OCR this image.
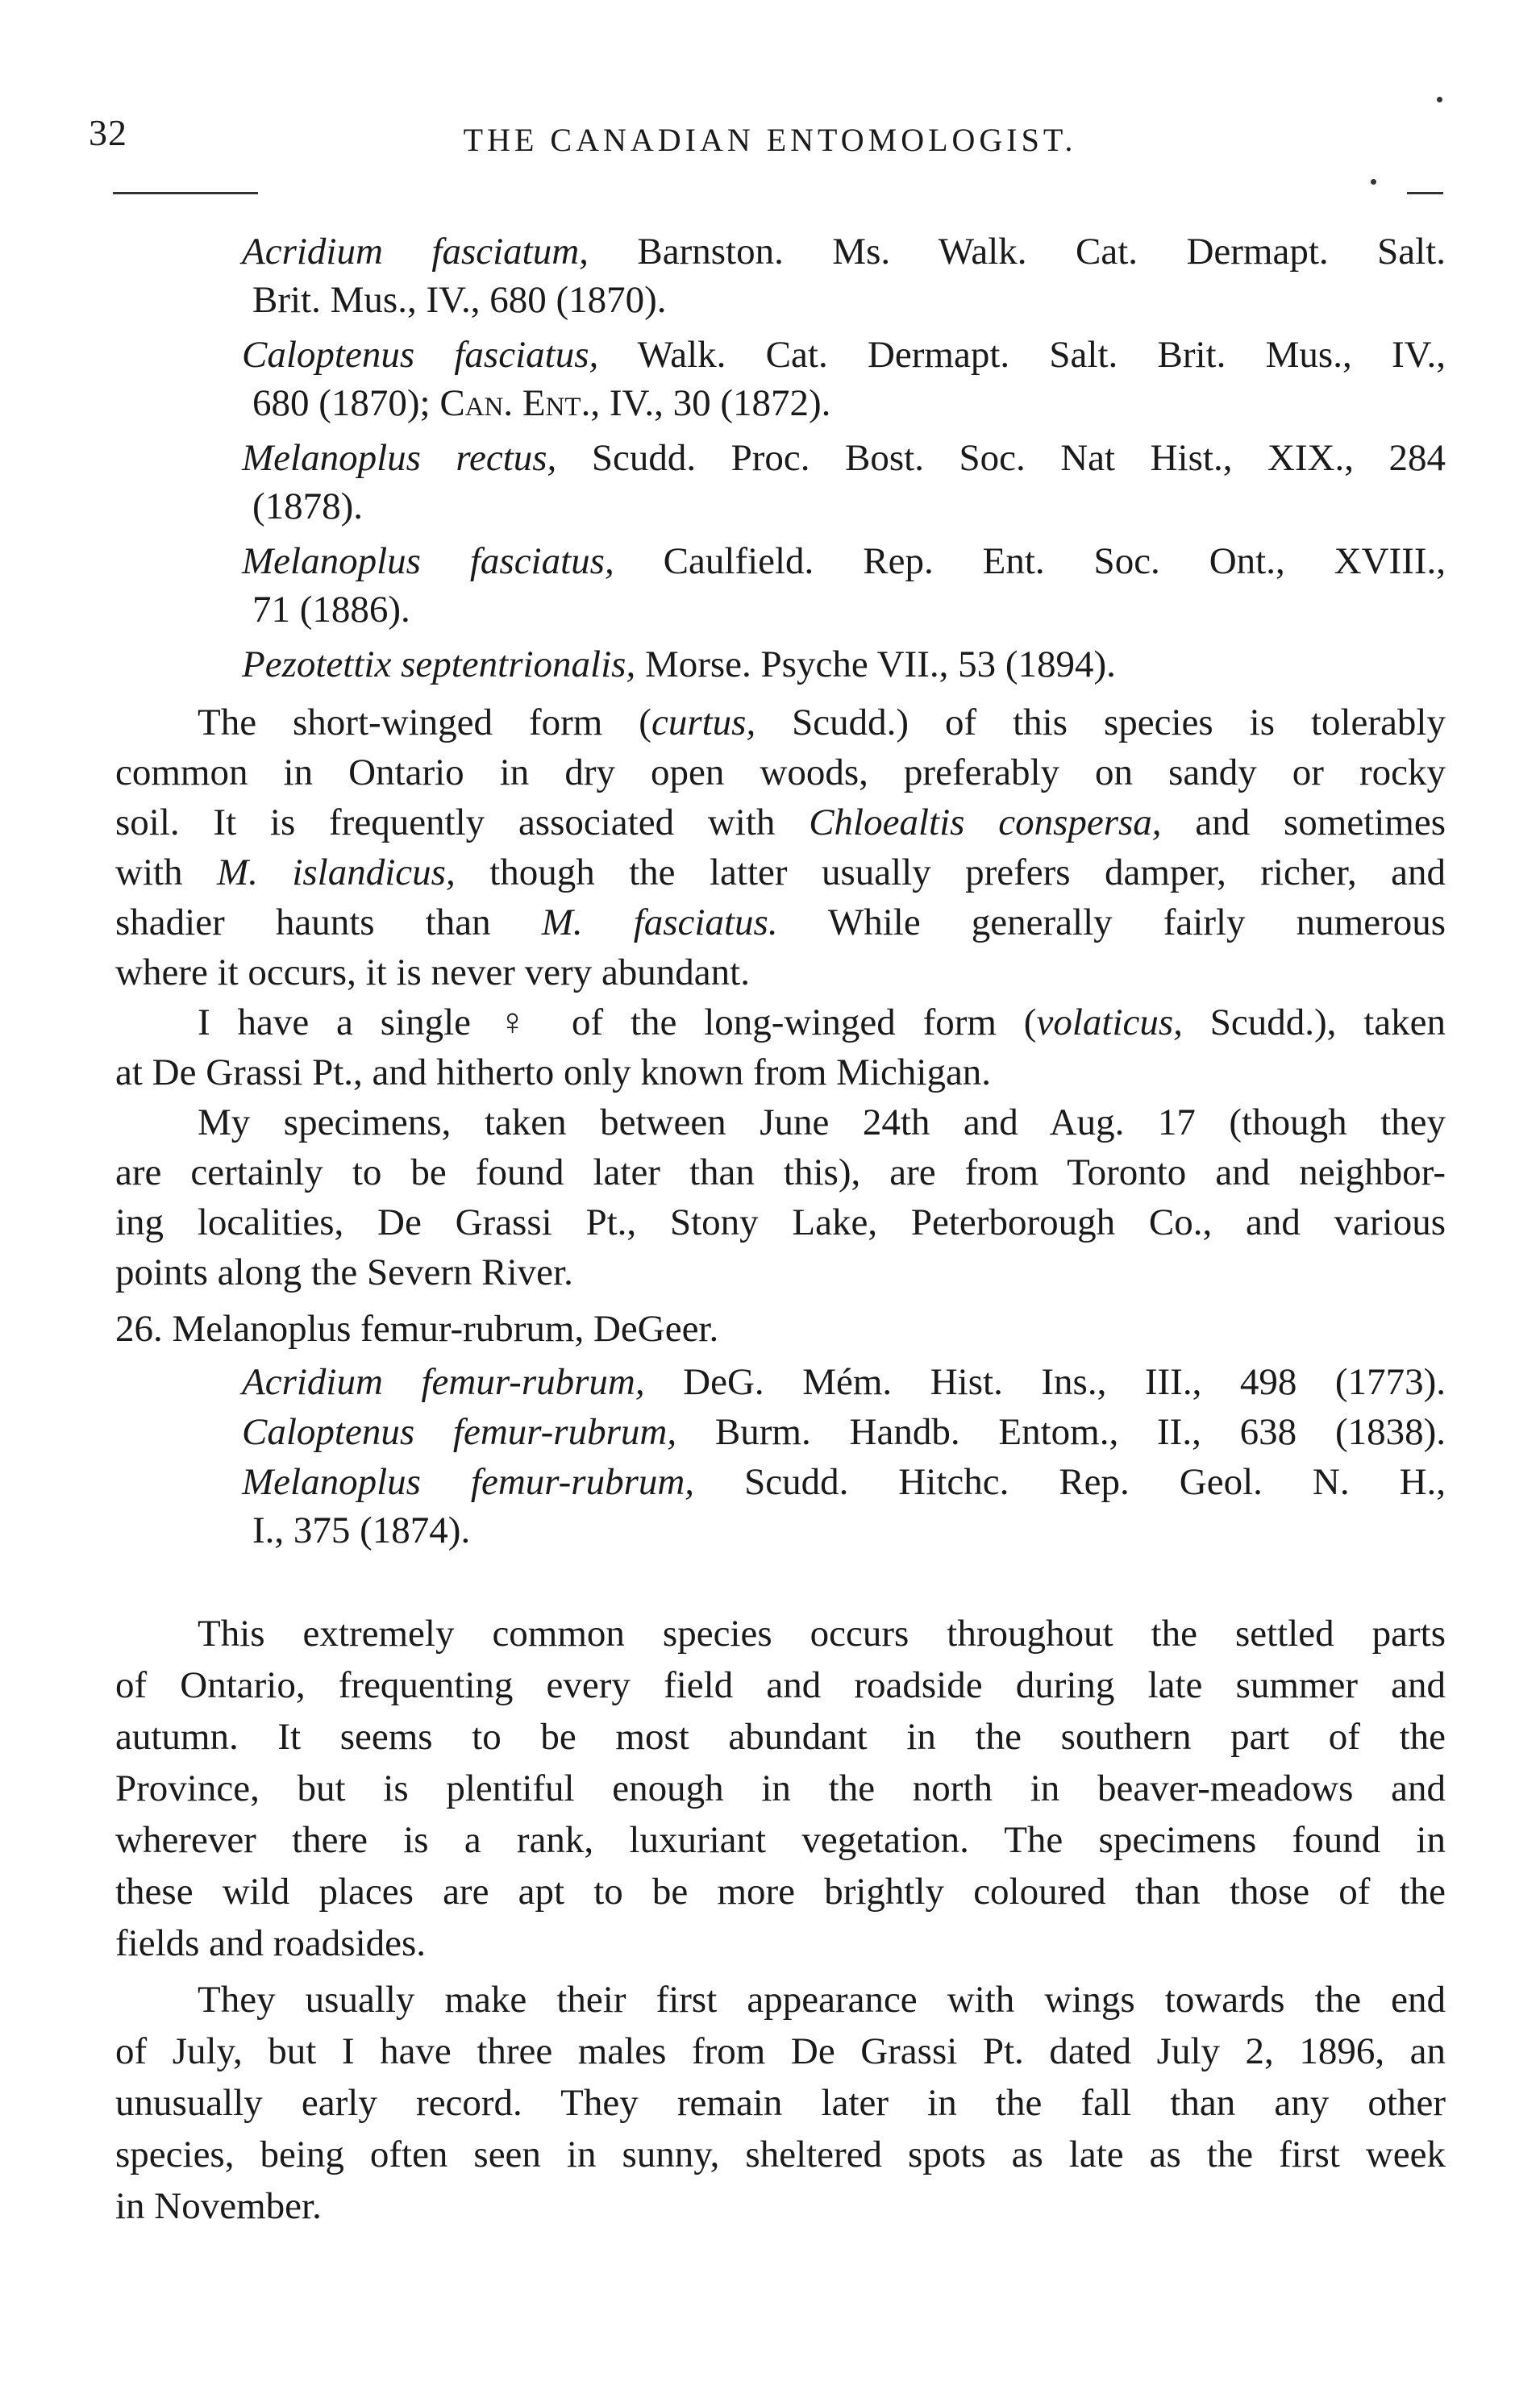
32	THE CANADIAN ENTOMOLOGIST.
Acridium fasciatum, Barnston. Ms. Walk. Cat. Dermapt. Salt.
Brit. Mus., IV., 680 (1870).
Caloptenus fasciatus, Walk. Cat. Dermapt. Salt. Brit. Mus., IV.,
680 (1870); Can. Ent., IV., 30 (1872).
Melanoplus rectus, Scudd. Proc. Bost. Soc. Nat Hist., XIX., 284
(1878).
Melanoplus fasciatus, Caulfield. Rep. Ent. Soc. Ont., XVIII.,
71 (1886).
Pezotettix septentrionalis, Morse. Psyche VII., 53 (1894).
The short-winged form (curtus, Scudd.) of this species is tolerably
common in Ontario in dry open woods, preferably on sandy or rocky
soil. It is frequently associated with Chloealtis conspersa, and sometimes
with M. islandicus, though the latter usually prefers damper, richer, and
shadier haunts than M. fasciatus. While generally fairly numerous
where it occurs, it is never very abundant.
I have a single ♀ of the long-winged form (volaticus, Scudd.), taken
at De Grassi Pt., and hitherto only known from Michigan.
My specimens, taken between June 24th and Aug. 17 (though they
are certainly to be found later than this), are from Toronto and neighbor-
ing localities, De Grassi Pt., Stony Lake, Peterborough Co., and various
points along the Severn River.
26. Melanoplus femur-rubrum, DeGeer.
Acridium femur-rubrum, DeG. Mém. Hist. Ins., III., 498 (1773).
Caloptenus femur-rubrum, Burm. Handb. Entom., II., 638 (1838).
Melanoplus femur-rubrum, Scudd. Hitchc. Rep. Geol. N. H.,
I., 375 (1874).
This extremely common species occurs throughout the settled parts
of Ontario, frequenting every field and roadside during late summer and
autumn. It seems to be most abundant in the southern part of the
Province, but is plentiful enough in the north in beaver-meadows and
wherever there is a rank, luxuriant vegetation. The specimens found in
these wild places are apt to be more brightly coloured than those of the
fields and roadsides.
They usually make their first appearance with wings towards the end
of July, but I have three males from De Grassi Pt. dated July 2, 1896, an
unusually early record. They remain later in the fall than any other
species, being often seen in sunny, sheltered spots as late as the first week
in November.
